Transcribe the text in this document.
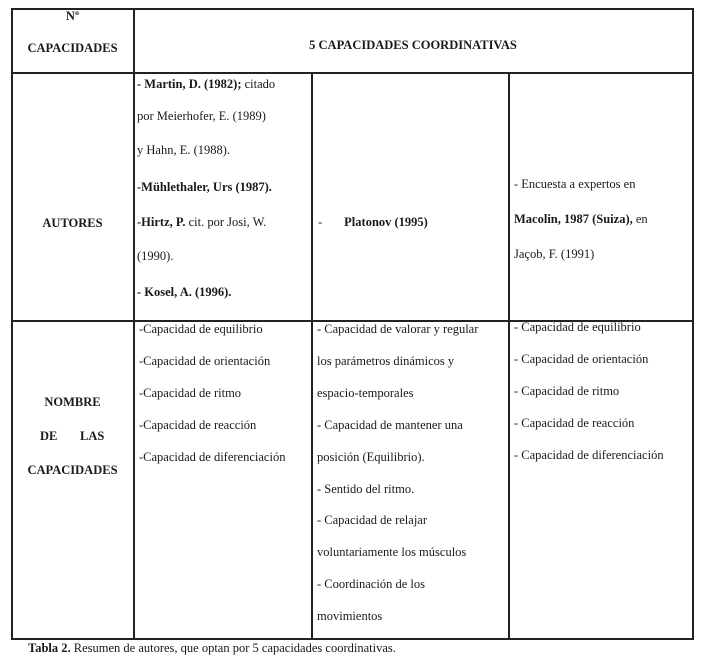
Nº
CAPACIDADES	5 CAPACIDADES COORDINATIVAS
AUTORES
- Martin, D. (1982); citado
por Meierhofer, E. (1989)
y Hahn, E. (1988).
-Mühlethaler, Urs (1987).
-Hirtz, P. cit. por Josi, W.
(1990).
- Kosel, A. (1996).
- Platonov (1995)
- Encuesta a expertos en
Macolin, 1987 (Suiza), en
Jaçob, F. (1991)
NOMBRE
DE LAS
CAPACIDADES
-Capacidad de equilibrio
-Capacidad de orientación
-Capacidad de ritmo
-Capacidad de reacción
-Capacidad de diferenciación
- Capacidad de valorar y regular
los parámetros dinámicos y
espacio-temporales
- Capacidad de mantener una
posición (Equilibrio).
- Sentido del ritmo.
- Capacidad de relajar
voluntariamente los músculos
- Coordinación de los
movimientos
- Capacidad de equilibrio
- Capacidad de orientación
- Capacidad de ritmo
- Capacidad de reacción
- Capacidad de diferenciación
Tabla 2. Resumen de autores, que optan por 5 capacidades coordinativas.
